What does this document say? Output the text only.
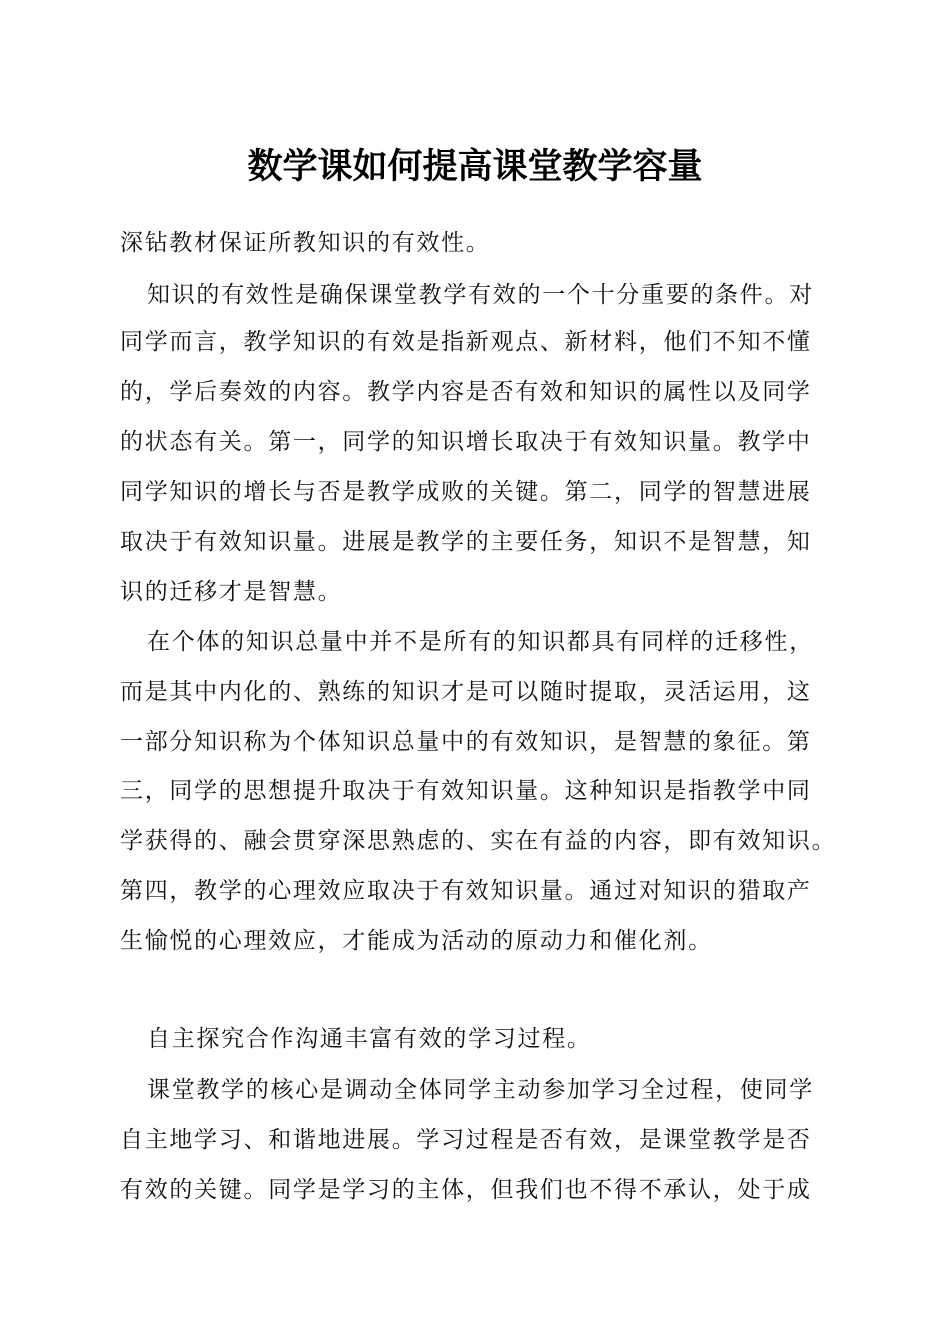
数学课如何提高课堂教学容量

深钻教材保证所教知识的有效性。

知识的有效性是确保课堂教学有效的一个十分重要的条件。对

同学而言，教学知识的有效是指新观点、新材料，他们不知不懂

的，学后奏效的内容。教学内容是否有效和知识的属性以及同学

的状态有关。第一，同学的知识增长取决于有效知识量。教学中

同学知识的增长与否是教学成败的关键。第二，同学的智慧进展

取决于有效知识量。进展是教学的主要任务，知识不是智慧，知

识的迁移才是智慧。

在个体的知识总量中并不是所有的知识都具有同样的迁移性，

而是其中内化的、熟练的知识才是可以随时提取，灵活运用，这

一部分知识称为个体知识总量中的有效知识，是智慧的象征。第

三，同学的思想提升取决于有效知识量。这种知识是指教学中同

学获得的、融会贯穿深思熟虑的、实在有益的内容，即有效知识。

第四，教学的心理效应取决于有效知识量。通过对知识的猎取产

生愉悦的心理效应，才能成为活动的原动力和催化剂。

自主探究合作沟通丰富有效的学习过程。

课堂教学的核心是调动全体同学主动参加学习全过程，使同学

自主地学习、和谐地进展。学习过程是否有效，是课堂教学是否

有效的关键。同学是学习的主体，但我们也不得不承认，处于成
